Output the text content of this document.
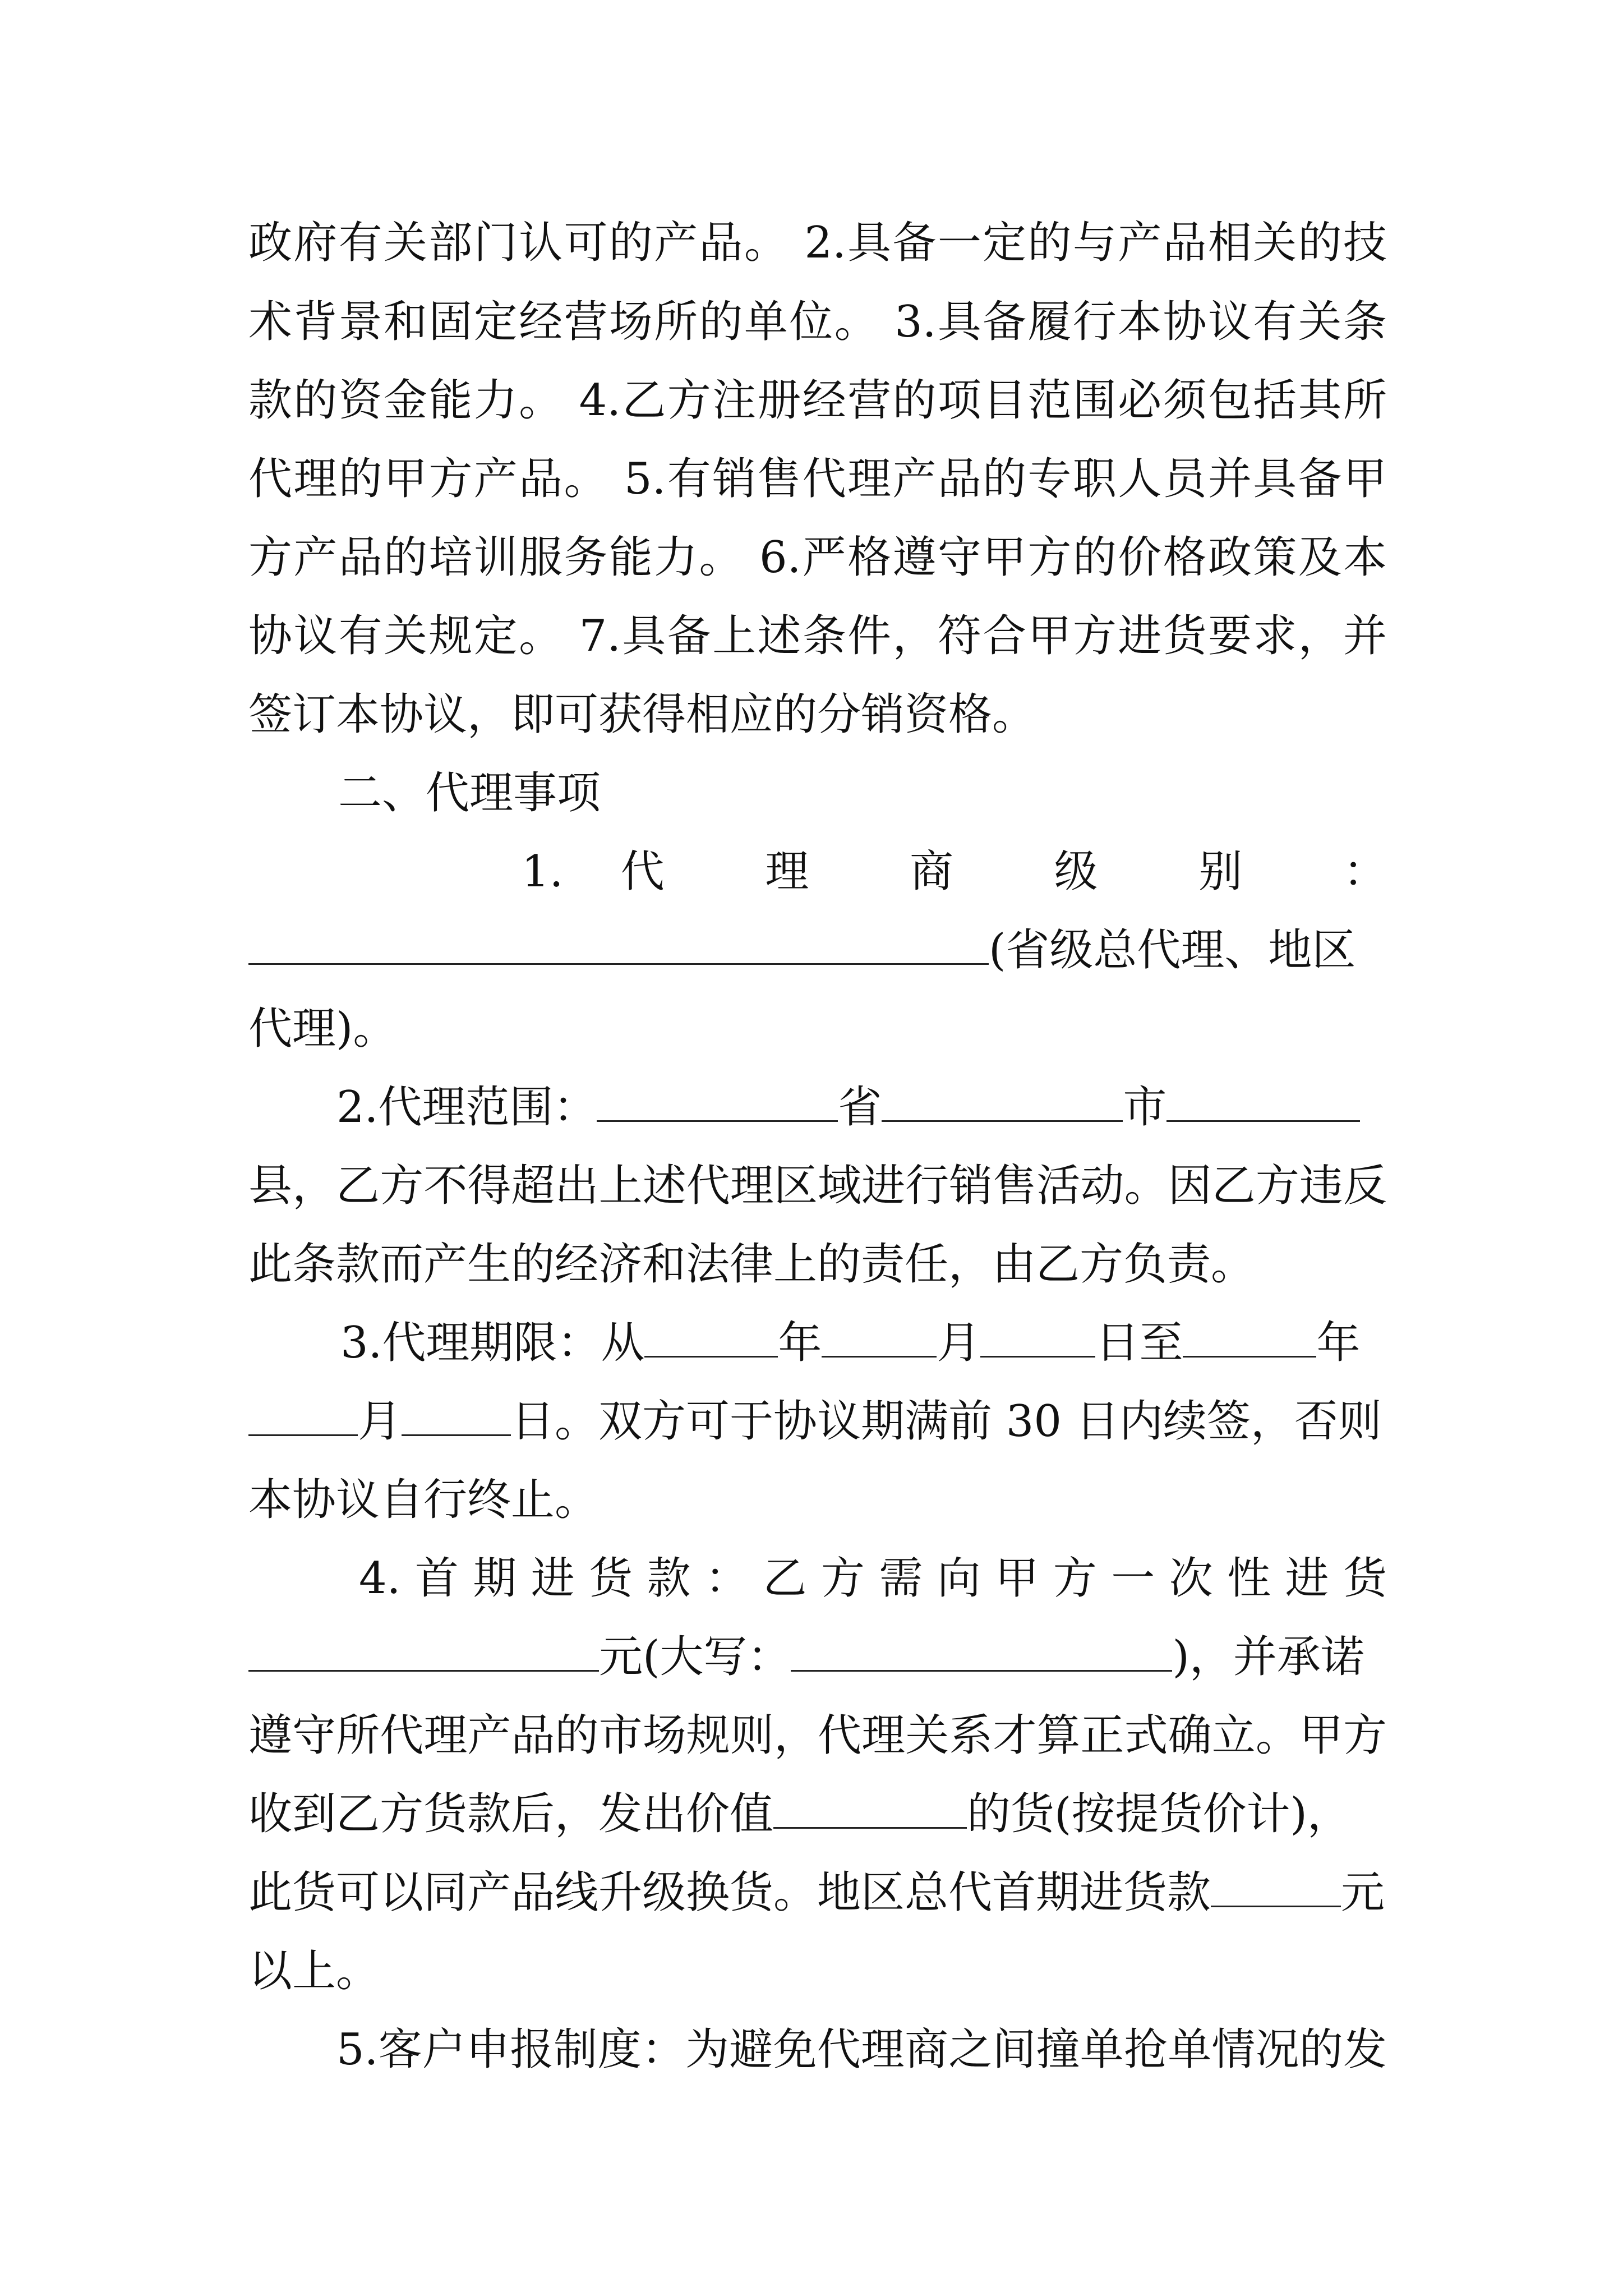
政府有关部门认可的产品。 2.具备一定的与产品相关的技
术背景和固定经营场所的单位。 3.具备履行本协议有关条
款的资金能力。 4.乙方注册经营的项目范围必须包括其所
代理的甲方产品。 5.有销售代理产品的专职人员并具备甲
方产品的培训服务能力。 6.严格遵守甲方的价格政策及本
协议有关规定。 7.具备上述条件，符合甲方进货要求，并
签订本协议，即可获得相应的分销资格。
二、代理事项
1. 代 理 商 级 别 ：
(省级总代理、地区
代理)。
2.代理范围：	省	市
县，乙方不得超出上述代理区域进行销售活动。因乙方违反
此条款而产生的经济和法律上的责任，由乙方负责。
3.代理期限：从	年	月	日至	年
月	日。双方可于协议期满前 30 日内续签，否则
本协议自行终止。
4.首期进货款：乙方需向甲方一次性进货
元(大写：	)，并承诺
遵守所代理产品的市场规则，代理关系才算正式确立。甲方
收到乙方货款后，发出价值	的货(按提货价计)，
此货可以同产品线升级换货。地区总代首期进货款	元
以上。
5.客户申报制度：为避免代理商之间撞单抢单情况的发
